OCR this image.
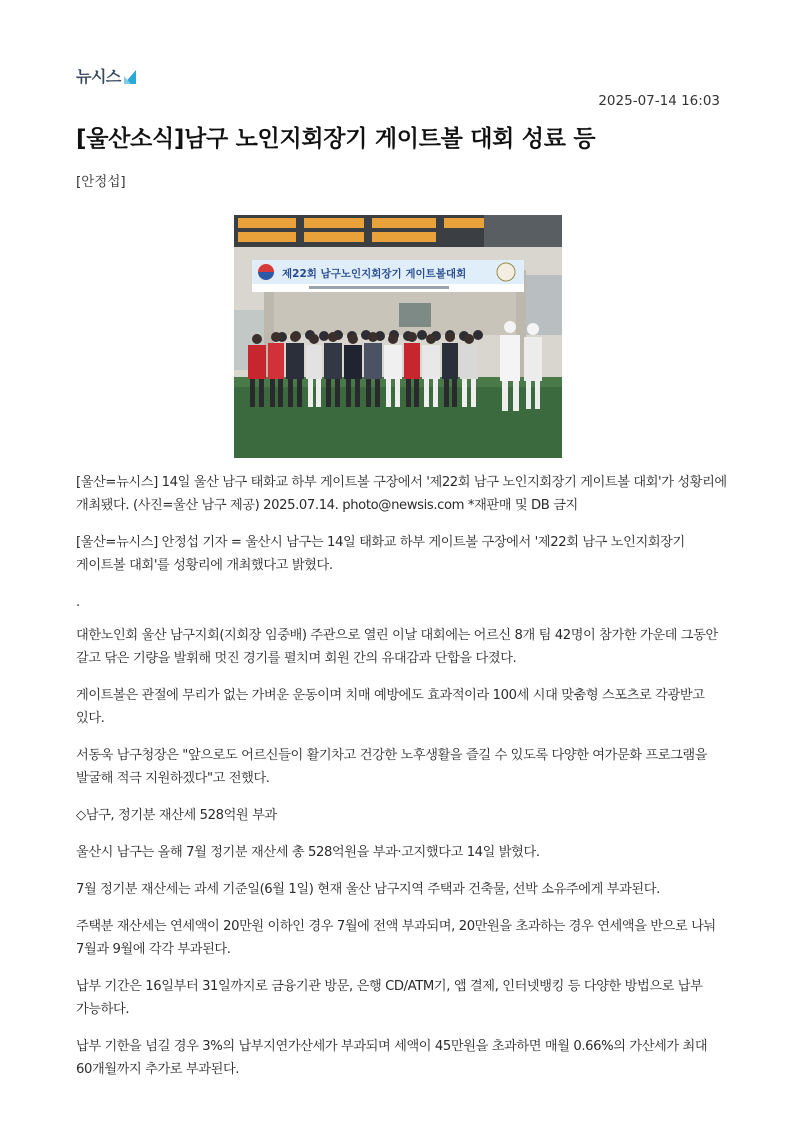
뉴시스
2025-07-14 16:03
[울산소식]남구 노인지회장기 게이트볼 대회 성료 등
[안정섭]
제22회 남구노인지회장기 게이트볼대회

[울산=뉴시스] 14일 울산 남구 태화교 하부 게이트볼 구장에서 '제22회 남구 노인지회장기 게이트볼 대회'가 성황리에 개최됐다. (사진=울산 남구 제공) 2025.07.14. photo@newsis.com *재판매 및 DB 금지

[울산=뉴시스] 안정섭 기자 = 울산시 남구는 14일 태화교 하부 게이트볼 구장에서 '제22회 남구 노인지회장기 게이트볼 대회'를 성황리에 개최했다고 밝혔다.

.

대한노인회 울산 남구지회(지회장 임중배) 주관으로 열린 이날 대회에는 어르신 8개 팀 42명이 참가한 가운데 그동안 갈고 닦은 기량을 발휘해 멋진 경기를 펼치며 회원 간의 유대감과 단합을 다졌다.

게이트볼은 관절에 무리가 없는 가벼운 운동이며 치매 예방에도 효과적이라 100세 시대 맞춤형 스포츠로 각광받고 있다.

서동욱 남구청장은 "앞으로도 어르신들이 활기차고 건강한 노후생활을 즐길 수 있도록 다양한 여가문화 프로그램을 발굴해 적극 지원하겠다"고 전했다.

◇남구, 정기분 재산세 528억원 부과

울산시 남구는 올해 7월 정기분 재산세 총 528억원을 부과·고지했다고 14일 밝혔다.

7월 정기분 재산세는 과세 기준일(6월 1일) 현재 울산 남구지역 주택과 건축물, 선박 소유주에게 부과된다.

주택분 재산세는 연세액이 20만원 이하인 경우 7월에 전액 부과되며, 20만원을 초과하는 경우 연세액을 반으로 나눠 7월과 9월에 각각 부과된다.

납부 기간은 16일부터 31일까지로 금융기관 방문, 은행 CD/ATM기, 앱 결제, 인터넷뱅킹 등 다양한 방법으로 납부 가능하다.

납부 기한을 넘길 경우 3%의 납부지연가산세가 부과되며 세액이 45만원을 초과하면 매월 0.66%의 가산세가 최대 60개월까지 추가로 부과된다.
